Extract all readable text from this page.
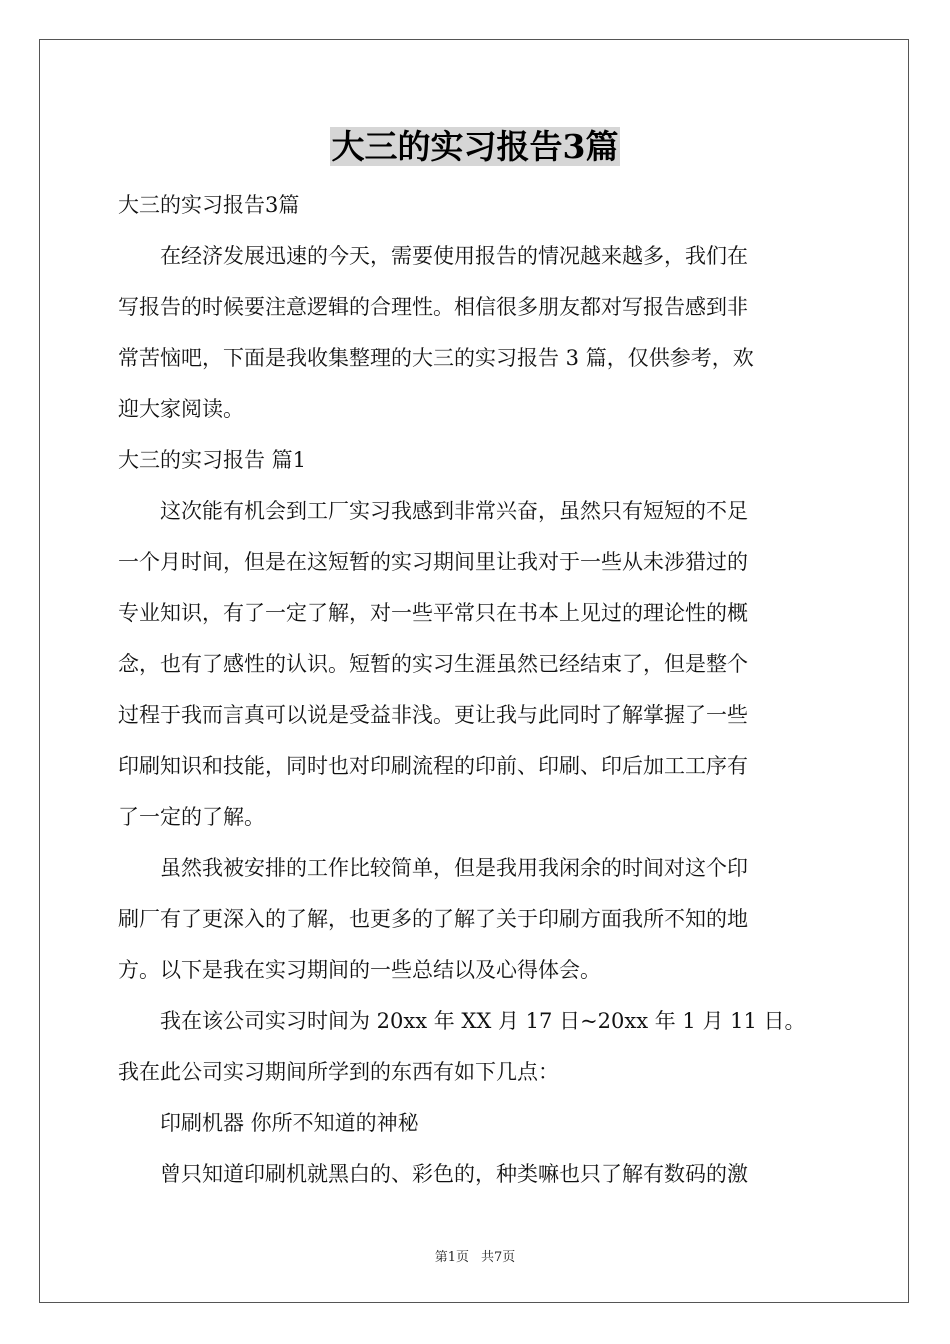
大三的实习报告3篇

大三的实习报告3篇

　　在经济发展迅速的今天，需要使用报告的情况越来越多，我们在

写报告的时候要注意逻辑的合理性。相信很多朋友都对写报告感到非

常苦恼吧，下面是我收集整理的大三的实习报告 3 篇，仅供参考，欢

迎大家阅读。

大三的实习报告 篇1

　　这次能有机会到工厂实习我感到非常兴奋，虽然只有短短的不足

一个月时间，但是在这短暂的实习期间里让我对于一些从未涉猎过的

专业知识，有了一定了解，对一些平常只在书本上见过的理论性的概

念，也有了感性的认识。短暂的实习生涯虽然已经结束了，但是整个

过程于我而言真可以说是受益非浅。更让我与此同时了解掌握了一些

印刷知识和技能，同时也对印刷流程的印前、印刷、印后加工工序有

了一定的了解。

　　虽然我被安排的工作比较简单，但是我用我闲余的时间对这个印

刷厂有了更深入的了解，也更多的了解了关于印刷方面我所不知的地

方。以下是我在实习期间的一些总结以及心得体会。

　　我在该公司实习时间为 20xx 年 XX 月 17 日~20xx 年 1 月 11 日。

我在此公司实习期间所学到的东西有如下几点：

　　印刷机器 你所不知道的神秘

　　曾只知道印刷机就黑白的、彩色的，种类嘛也只了解有数码的激

第1页 共7页
